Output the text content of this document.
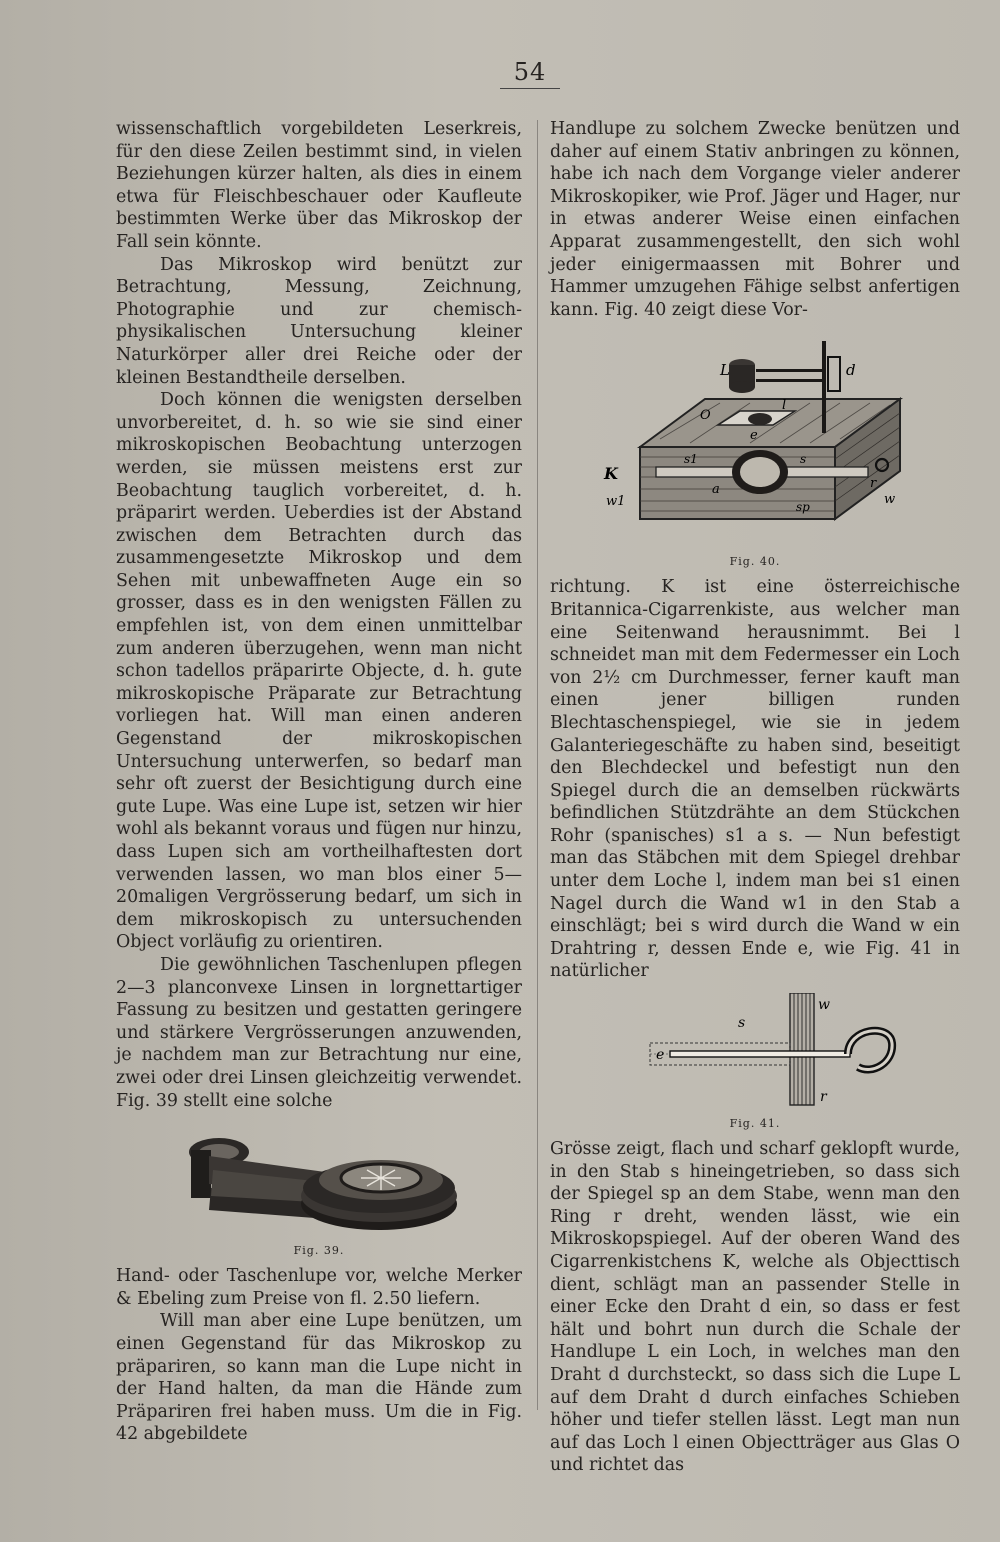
54

wissenschaftlich vorgebildeten Leserkreis, für den diese Zeilen bestimmt sind, in vielen Beziehungen kürzer halten, als dies in einem etwa für Fleischbeschauer oder Kaufleute bestimmten Werke über das Mikroskop der Fall sein könnte.

Das Mikroskop wird benützt zur Betrachtung, Messung, Zeichnung, Photographie und zur chemisch-physikalischen Untersuchung kleiner Naturkörper aller drei Reiche oder der kleinen Bestandtheile derselben.

Doch können die wenigsten derselben unvorbereitet, d. h. so wie sie sind einer mikroskopischen Beobachtung unterzogen werden, sie müssen meistens erst zur Beobachtung tauglich vorbereitet, d. h. präparirt werden. Ueberdies ist der Abstand zwischen dem Betrachten durch das zusammengesetzte Mikroskop und dem Sehen mit unbewaffneten Auge ein so grosser, dass es in den wenigsten Fällen zu empfehlen ist, von dem einen unmittelbar zum anderen überzugehen, wenn man nicht schon tadellos präparirte Objecte, d. h. gute mikroskopische Präparate zur Betrachtung vorliegen hat. Will man einen anderen Gegenstand der mikroskopischen Untersuchung unterwerfen, so bedarf man sehr oft zuerst der Besichtigung durch eine gute Lupe. Was eine Lupe ist, setzen wir hier wohl als bekannt voraus und fügen nur hinzu, dass Lupen sich am vortheilhaftesten dort verwenden lassen, wo man blos einer 5—20maligen Vergrösserung bedarf, um sich in dem mikroskopisch zu untersuchenden Object vorläufig zu orientiren.

Die gewöhnlichen Taschenlupen pflegen 2—3 planconvexe Linsen in lorgnettartiger Fassung zu besitzen und gestatten geringere und stärkere Vergrösserungen anzuwenden, je nachdem man zur Betrachtung nur eine, zwei oder drei Linsen gleichzeitig verwendet. Fig. 39 stellt eine solche

Fig. 39.

Hand- oder Taschenlupe vor, welche Merker & Ebeling zum Preise von fl. 2.50 liefern.

Will man aber eine Lupe benützen, um einen Gegenstand für das Mikroskop zu präpariren, so kann man die Lupe nicht in der Hand halten, da man die Hände zum Präpariren frei haben muss. Um die in Fig. 42 abgebildete

Handlupe zu solchem Zwecke benützen und daher auf einem Stativ anbringen zu können, habe ich nach dem Vorgange vieler anderer Mikroskopiker, wie Prof. Jäger und Hager, nur in etwas anderer Weise einen einfachen Apparat zusammengestellt, den sich wohl jeder einigermaassen mit Bohrer und Hammer umzugehen Fähige selbst anfertigen kann. Fig. 40 zeigt diese Vor-

L	d
O
l
e
K
w1
s1
a
sp
s
r
w
Fig. 40.

richtung. K ist eine österreichische Britannica-Cigarrenkiste, aus welcher man eine Seitenwand herausnimmt. Bei l schneidet man mit dem Federmesser ein Loch von 2½ cm Durchmesser, ferner kauft man einen jener billigen runden Blechtaschenspiegel, wie sie in jedem Galanteriegeschäfte zu haben sind, beseitigt den Blechdeckel und befestigt nun den Spiegel durch die an demselben rückwärts befindlichen Stützdrähte an dem Stückchen Rohr (spanisches) s1 a s. — Nun befestigt man das Stäbchen mit dem Spiegel drehbar unter dem Loche l, indem man bei s1 einen Nagel durch die Wand w1 in den Stab a einschlägt; bei s wird durch die Wand w ein Drahtring r, dessen Ende e, wie Fig. 41 in natürlicher

w
s
e
r
Fig. 41.

Grösse zeigt, flach und scharf geklopft wurde, in den Stab s hineingetrieben, so dass sich der Spiegel sp an dem Stabe, wenn man den Ring r dreht, wenden lässt, wie ein Mikroskopspiegel. Auf der oberen Wand des Cigarrenkistchens K, welche als Objecttisch dient, schlägt man an passender Stelle in einer Ecke den Draht d ein, so dass er fest hält und bohrt nun durch die Schale der Handlupe L ein Loch, in welches man den Draht d durchsteckt, so dass sich die Lupe L auf dem Draht d durch einfaches Schieben höher und tiefer stellen lässt. Legt man nun auf das Loch l einen Objectträger aus Glas O und richtet das
